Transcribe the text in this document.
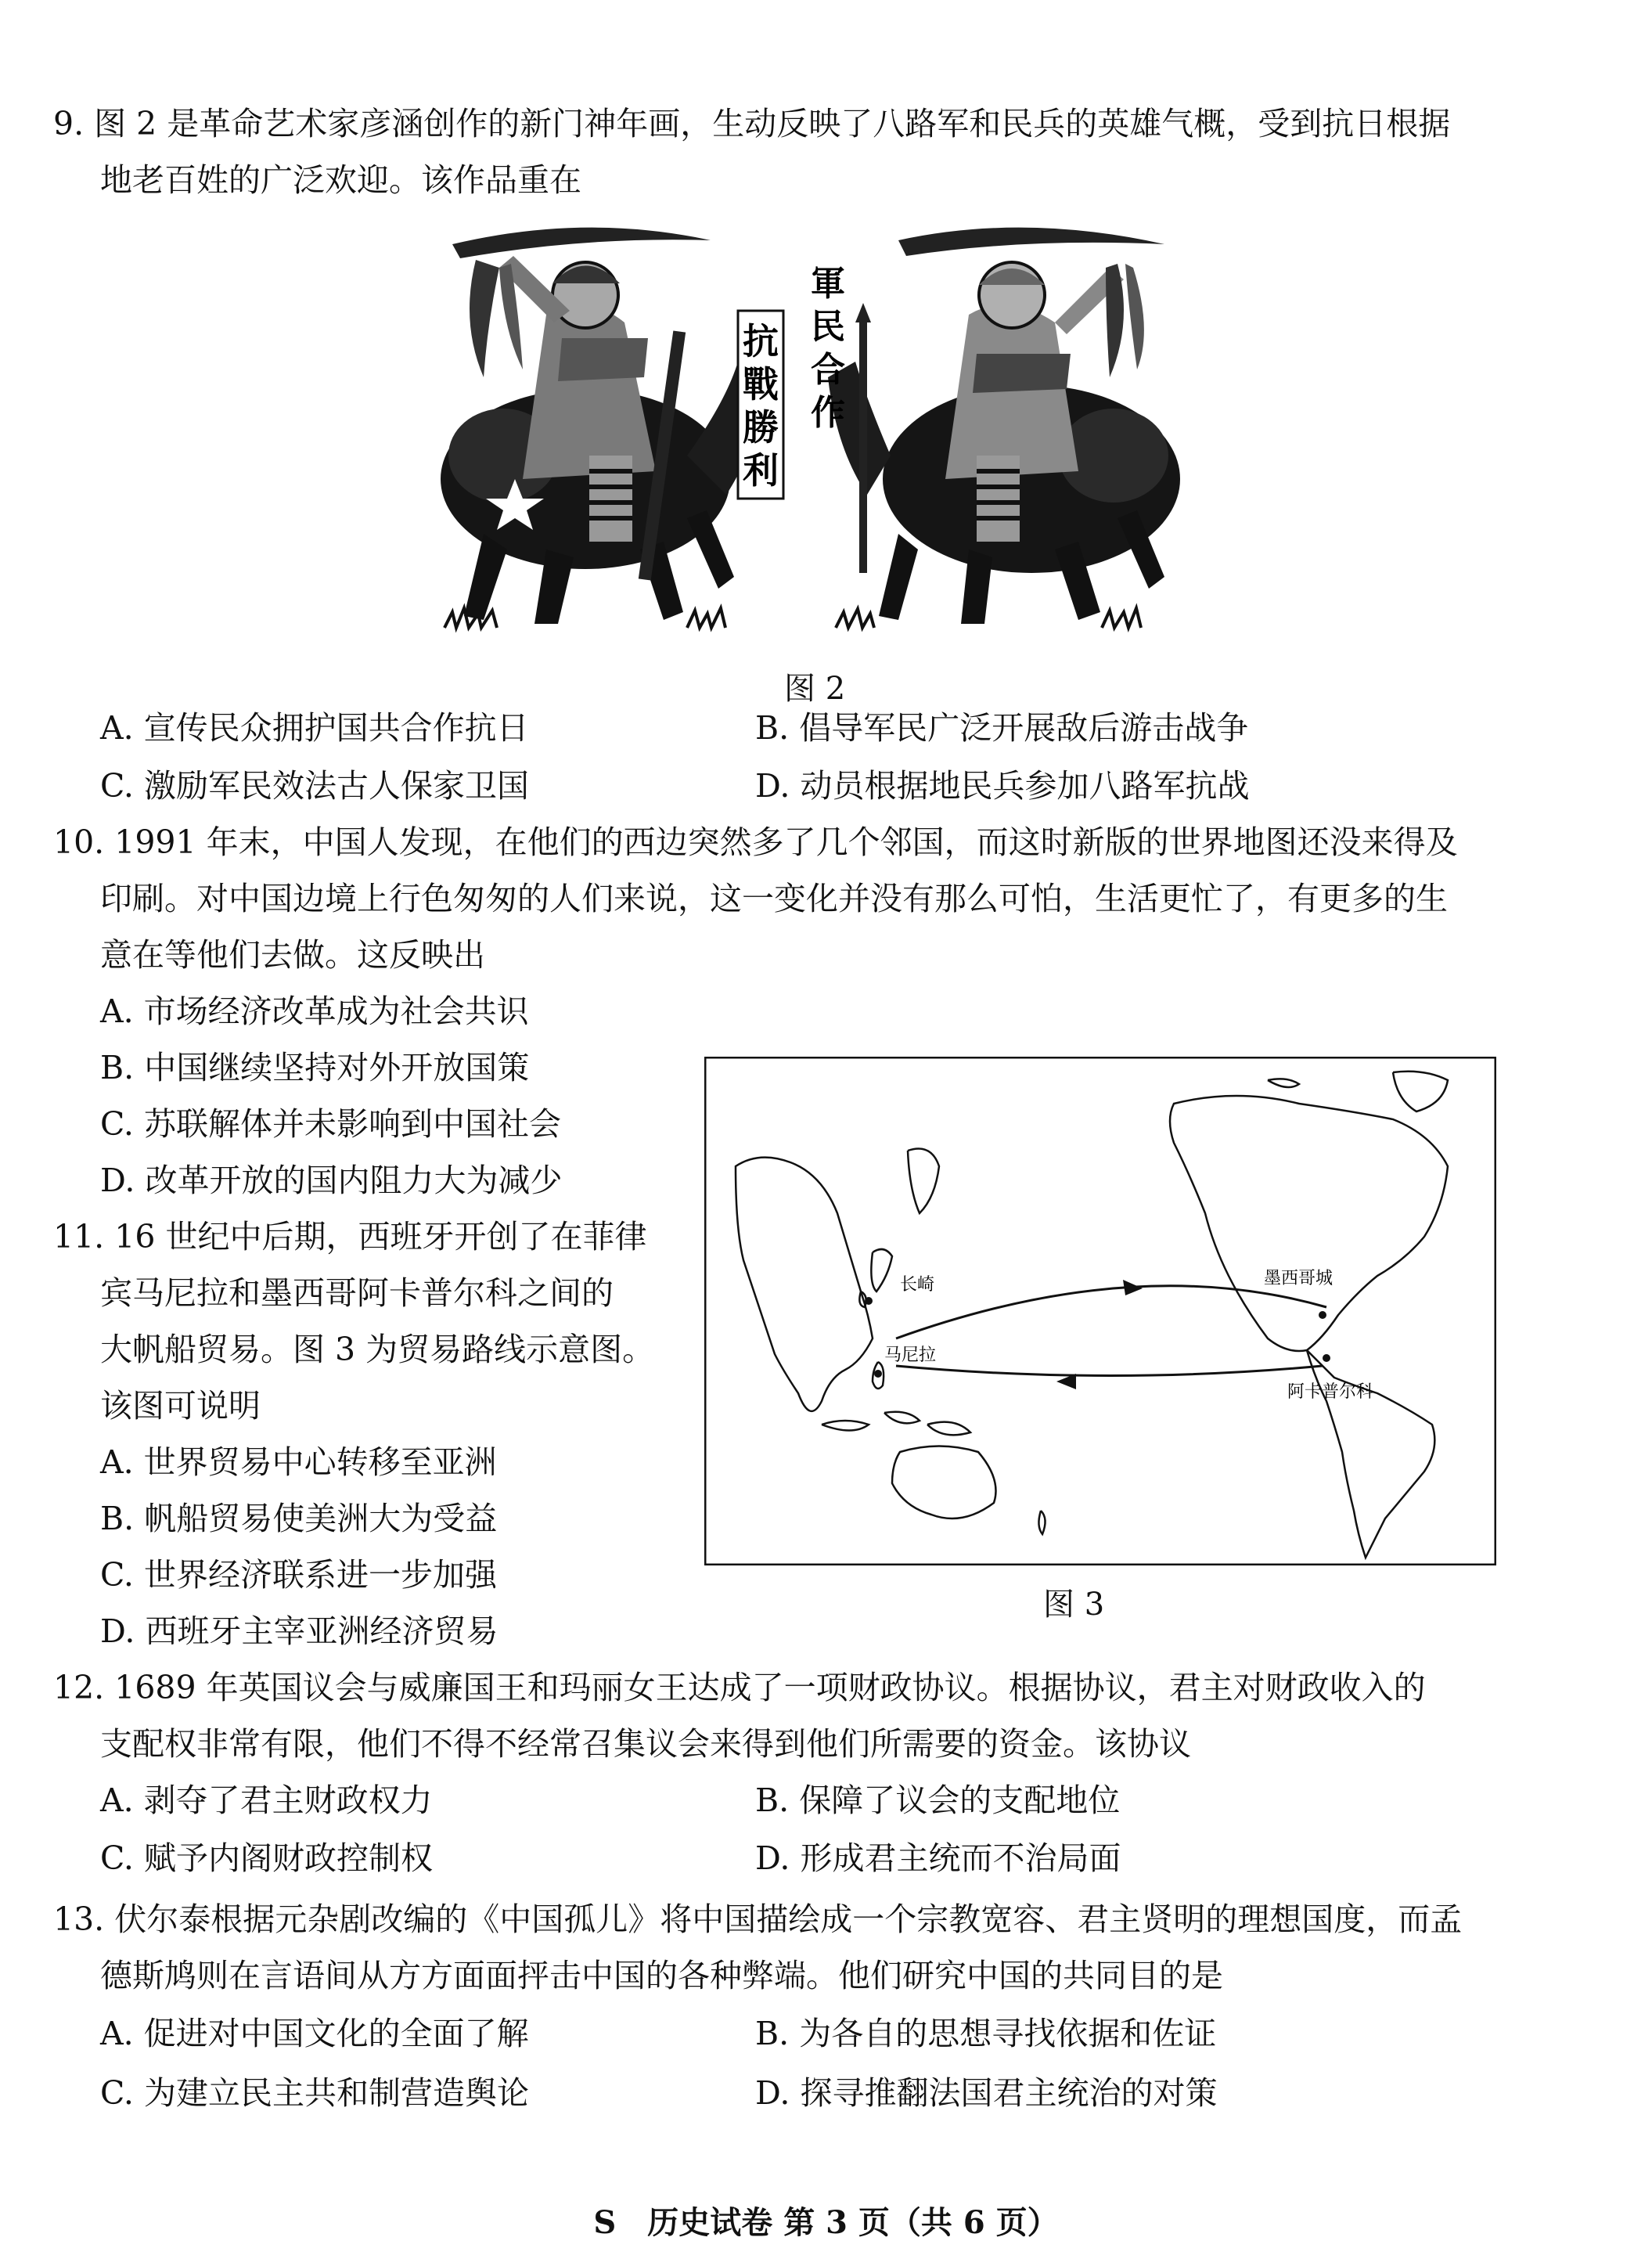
9. 图 2 是革命艺术家彦涵创作的新门神年画，生动反映了八路军和民兵的英雄气概，受到抗日根据
地老百姓的广泛欢迎。该作品重在
抗
戰
勝
利
軍
民
合
作
图 2
A. 宣传民众拥护国共合作抗日	B. 倡导军民广泛开展敌后游击战争
C. 激励军民效法古人保家卫国	D. 动员根据地民兵参加八路军抗战
10. 1991 年末，中国人发现，在他们的西边突然多了几个邻国，而这时新版的世界地图还没来得及
印刷。对中国边境上行色匆匆的人们来说，这一变化并没有那么可怕，生活更忙了，有更多的生
意在等他们去做。这反映出
A. 市场经济改革成为社会共识
B. 中国继续坚持对外开放国策
C. 苏联解体并未影响到中国社会
D. 改革开放的国内阻力大为减少
长崎
马尼拉
墨西哥城
阿卡普尔科
图 3
11. 16 世纪中后期，西班牙开创了在菲律
宾马尼拉和墨西哥阿卡普尔科之间的
大帆船贸易。图 3 为贸易路线示意图。
该图可说明
A. 世界贸易中心转移至亚洲
B. 帆船贸易使美洲大为受益
C. 世界经济联系进一步加强
D. 西班牙主宰亚洲经济贸易
12. 1689 年英国议会与威廉国王和玛丽女王达成了一项财政协议。根据协议，君主对财政收入的
支配权非常有限，他们不得不经常召集议会来得到他们所需要的资金。该协议
A. 剥夺了君主财政权力	B. 保障了议会的支配地位
C. 赋予内阁财政控制权	D. 形成君主统而不治局面
13. 伏尔泰根据元杂剧改编的《中国孤儿》将中国描绘成一个宗教宽容、君主贤明的理想国度，而孟
德斯鸠则在言语间从方方面面抨击中国的各种弊端。他们研究中国的共同目的是
A. 促进对中国文化的全面了解	B. 为各自的思想寻找依据和佐证
C. 为建立民主共和制营造舆论	D. 探寻推翻法国君主统治的对策
S　历史试卷 第 3 页（共 6 页）
